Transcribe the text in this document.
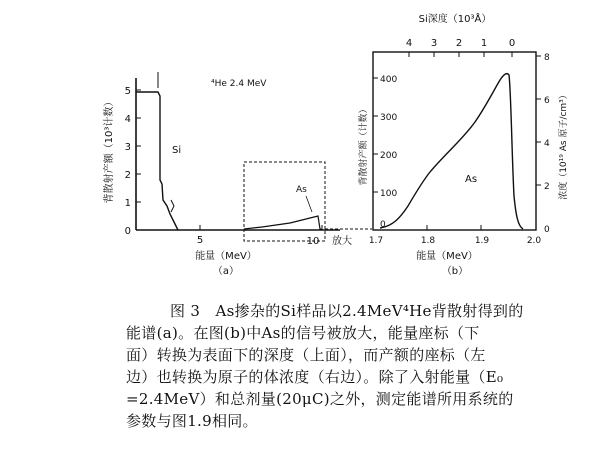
5
4
3
2
1
0
背散射产额（10³计数）
5	10
能量（MeV）
（a）
⁴He 2.4 MeV
Si
As
放大
Si深度（10³Å）
4 3 2 1 0
400
300
200
100
0
背散射产额（计数）
1.7	1.8	1.9	2.0
能量（MeV）
（b）
As
8
6
4
2
0
浓度（10¹⁹ As 原子/cm³）
图 3　As掺杂的Si样品以2.4MeV⁴He背散射得到的
能谱(a)。在图(b)中As的信号被放大，能量座标（下
面）转换为表面下的深度（上面），而产额的座标（左
边）也转换为原子的体浓度（右边）。除了入射能量（E₀
=2.4MeV）和总剂量(20μC)之外，测定能谱所用系统的
参数与图1.9相同。
